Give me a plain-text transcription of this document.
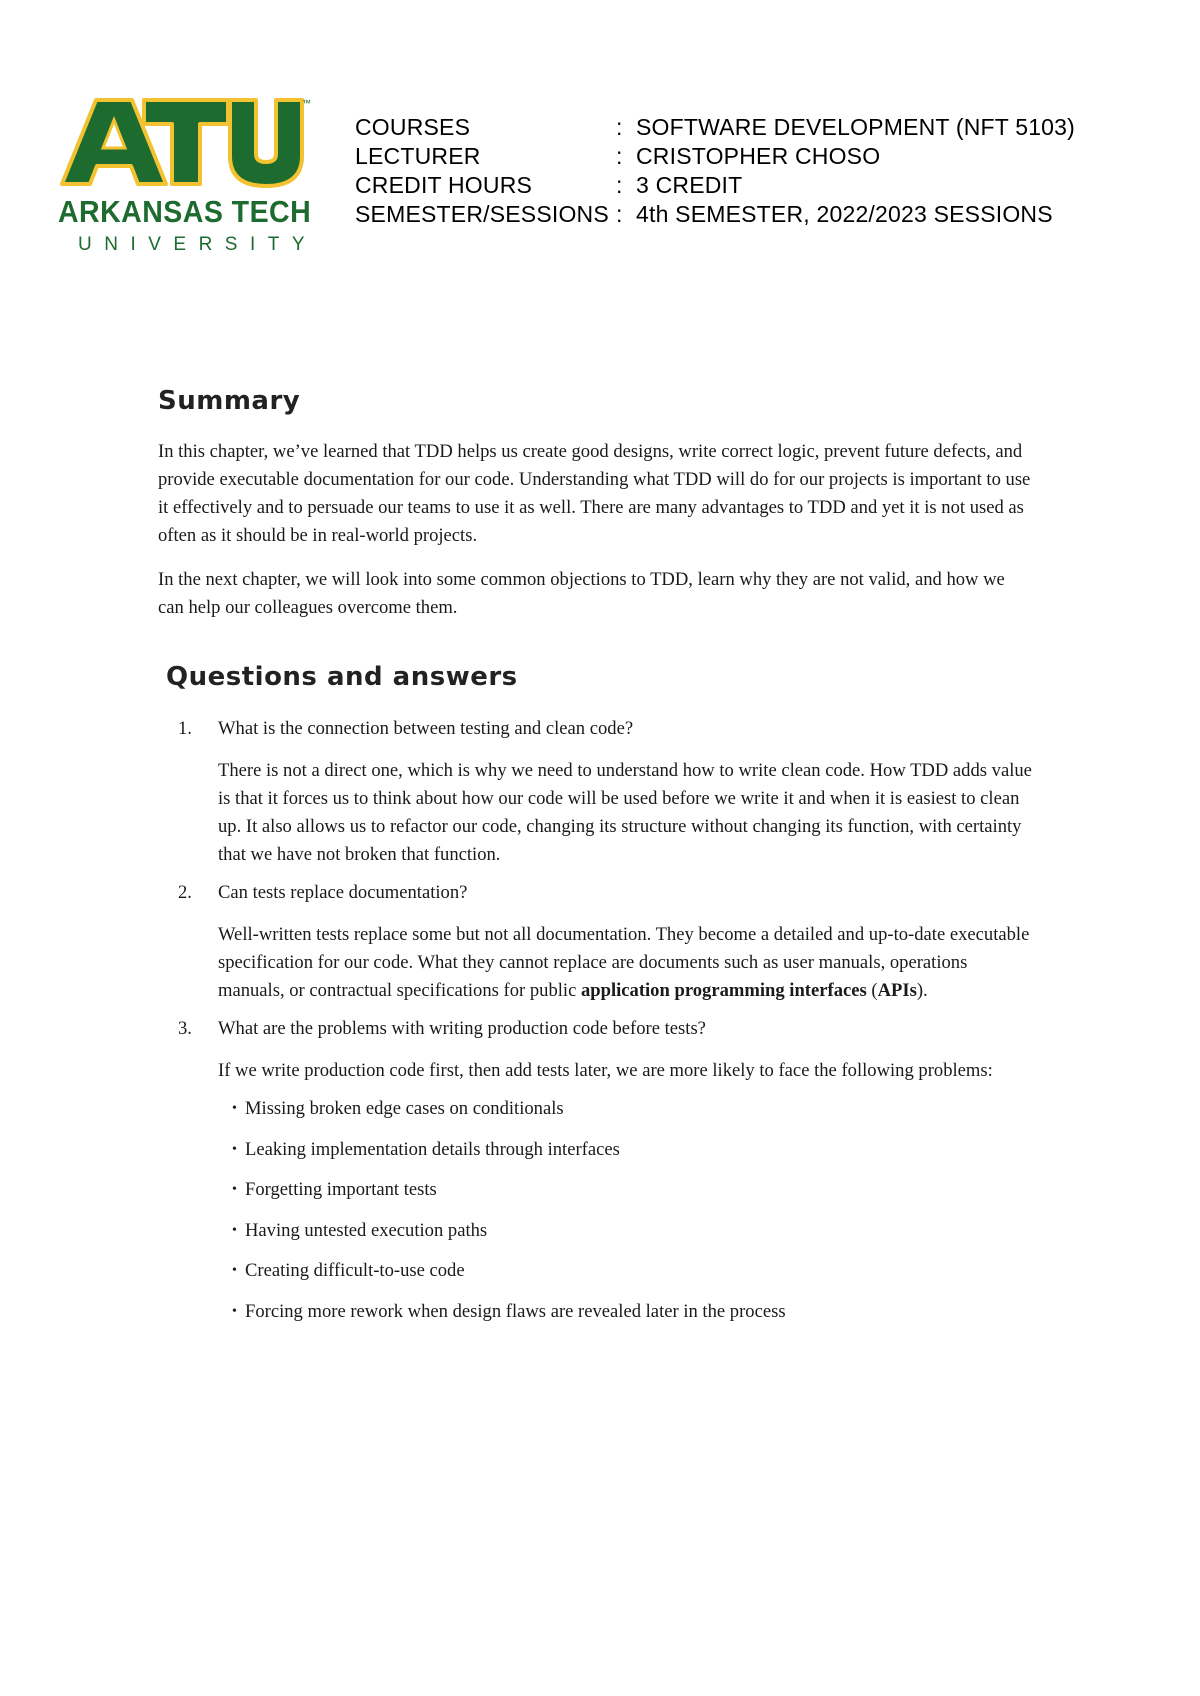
™
ARKANSAS TECH
UNIVERSITY
COURSES	: SOFTWARE DEVELOPMENT (NFT 5103)
LECTURER	: CRISTOPHER CHOSO
CREDIT HOURS	: 3 CREDIT
SEMESTER/SESSIONS : 4th SEMESTER, 2022/2023 SESSIONS
Summary

In this chapter, we’ve learned that TDD helps us create good designs, write correct logic, prevent future defects, and provide executable documentation for our code. Understanding what TDD will do for our projects is important to use it effectively and to persuade our teams to use it as well. There are many advantages to TDD and yet it is not used as often as it should be in real-world projects.

In the next chapter, we will look into some common objections to TDD, learn why they are not valid, and how we can help our colleagues overcome them.

Questions and answers
1.	What is the connection between testing and clean code?

There is not a direct one, which is why we need to understand how to write clean code. How TDD adds value is that it forces us to think about how our code will be used before we write it and when it is easiest to clean up. It also allows us to refactor our code, changing its structure without changing its function, with certainty that we have not broken that function.

2.	Can tests replace documentation?

Well-written tests replace some but not all documentation. They become a detailed and up-to-date executable specification for our code. What they cannot replace are documents such as user manuals, operations manuals, or contractual specifications for public application programming interfaces (APIs).

3.	What are the problems with writing production code before tests?

If we write production code first, then add tests later, we are more likely to face the following problems:

• Missing broken edge cases on conditionals
• Leaking implementation details through interfaces
• Forgetting important tests
• Having untested execution paths
• Creating difficult-to-use code
• Forcing more rework when design flaws are revealed later in the process
